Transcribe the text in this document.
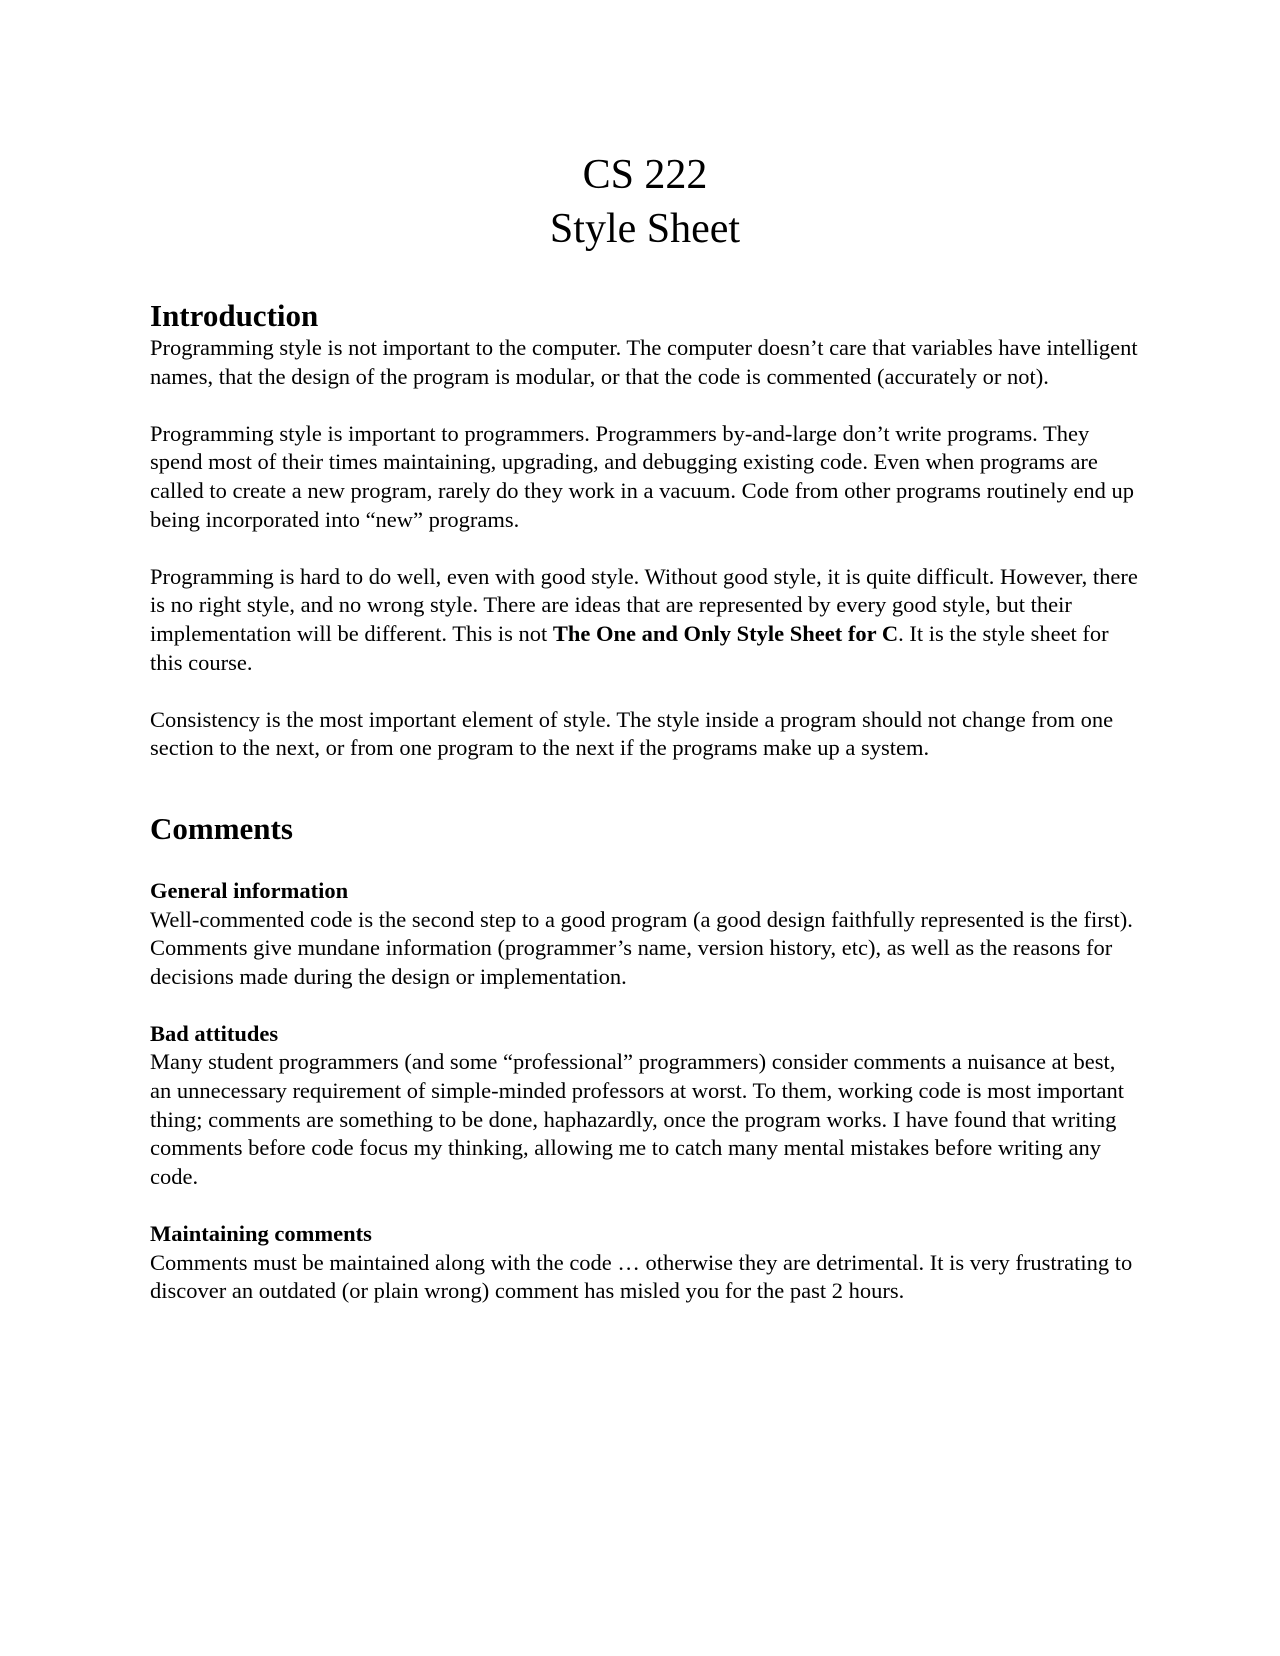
CS 222
Style Sheet
Introduction

Programming style is not important to the computer. The computer doesn’t care that variables have intelligent names, that the design of the program is modular, or that the code is commented (accurately or not).

Programming style is important to programmers. Programmers by-and-large don’t write programs. They spend most of their times maintaining, upgrading, and debugging existing code. Even when programs are called to create a new program, rarely do they work in a vacuum. Code from other programs routinely end up being incorporated into “new” programs.

Programming is hard to do well, even with good style. Without good style, it is quite difficult. However, there is no right style, and no wrong style. There are ideas that are represented by every good style, but their implementation will be different. This is not The One and Only Style Sheet for C. It is the style sheet for this course.

Consistency is the most important element of style. The style inside a program should not change from one section to the next, or from one program to the next if the programs make up a system.

Comments
General information

Well-commented code is the second step to a good program (a good design faithfully represented is the first). Comments give mundane information (programmer’s name, version history, etc), as well as the reasons for decisions made during the design or implementation.

Bad attitudes

Many student programmers (and some “professional” programmers) consider comments a nuisance at best, an unnecessary requirement of simple-minded professors at worst. To them, working code is most important thing; comments are something to be done, haphazardly, once the program works. I have found that writing comments before code focus my thinking, allowing me to catch many mental mistakes before writing any code.

Maintaining comments

Comments must be maintained along with the code … otherwise they are detrimental. It is very frustrating to discover an outdated (or plain wrong) comment has misled you for the past 2 hours.
